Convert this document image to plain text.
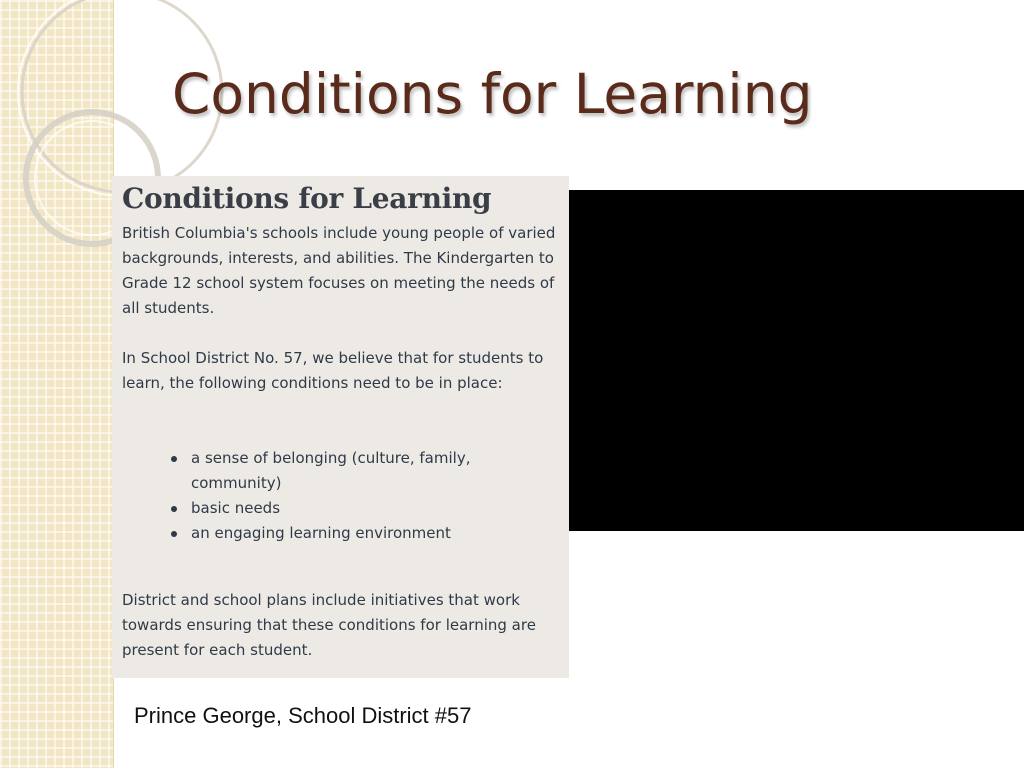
Conditions for Learning
Conditions for Learning

British Columbia's schools include young people of varied backgrounds, interests, and abilities. The Kindergarten to Grade 12 school system focuses on meeting the needs of all students.

In School District No. 57, we believe that for students to learn, the following conditions need to be in place:

a sense of belonging (culture, family, community)
basic needs
an engaging learning environment

District and school plans include initiatives that work towards ensuring that these conditions for learning are present for each student.

Prince George, School District #57
